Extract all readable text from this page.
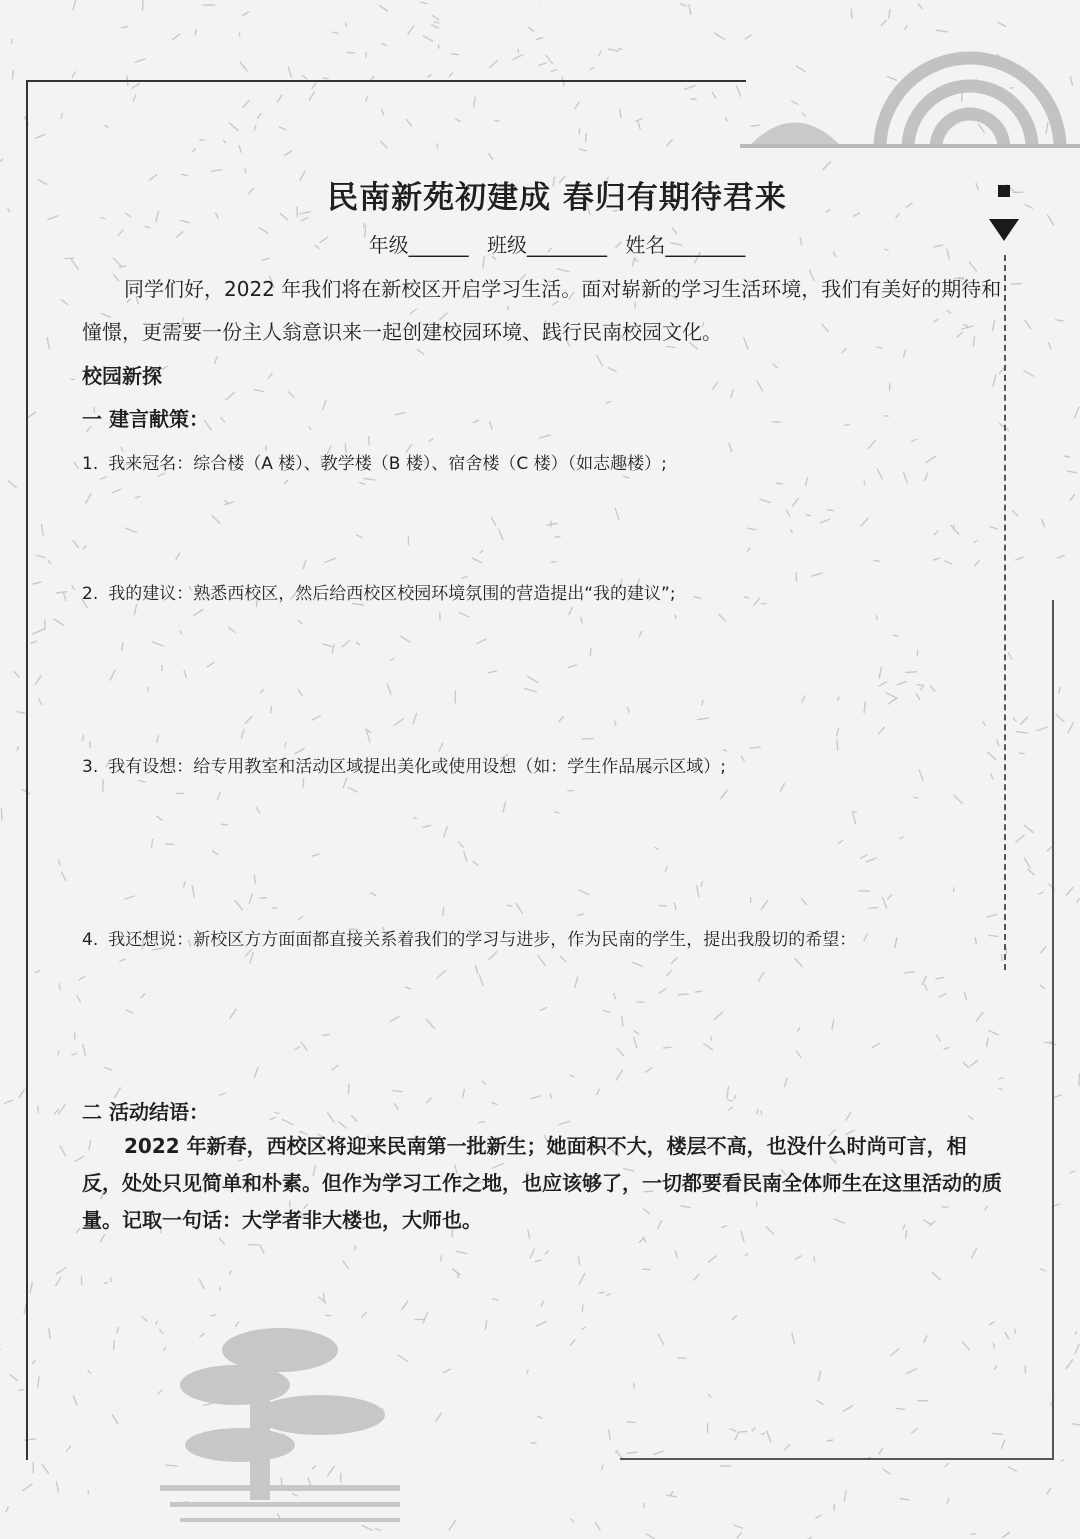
民南新苑初建成 春归有期待君来
年级______ 班级________ 姓名________
同学们好，2022 年我们将在新校区开启学习生活。面对崭新的学习生活环境，我们有美好的期待和憧憬，更需要一份主人翁意识来一起创建校园环境、践行民南校园文化。
校园新探
一 建言献策：
1. 我来冠名：综合楼（A 楼）、教学楼（B 楼）、宿舍楼（C 楼）（如志趣楼）;
2. 我的建议：熟悉西校区，然后给西校区校园环境氛围的营造提出“我的建议”;
3. 我有设想：给专用教室和活动区域提出美化或使用设想（如：学生作品展示区域）;
4. 我还想说：新校区方方面面都直接关系着我们的学习与进步，作为民南的学生，提出我殷切的希望：
二 活动结语：
2022 年新春，西校区将迎来民南第一批新生；她面积不大，楼层不高，也没什么时尚可言，相反，处处只见简单和朴素。但作为学习工作之地，也应该够了，一切都要看民南全体师生在这里活动的质量。记取一句话：大学者非大楼也，大师也。
